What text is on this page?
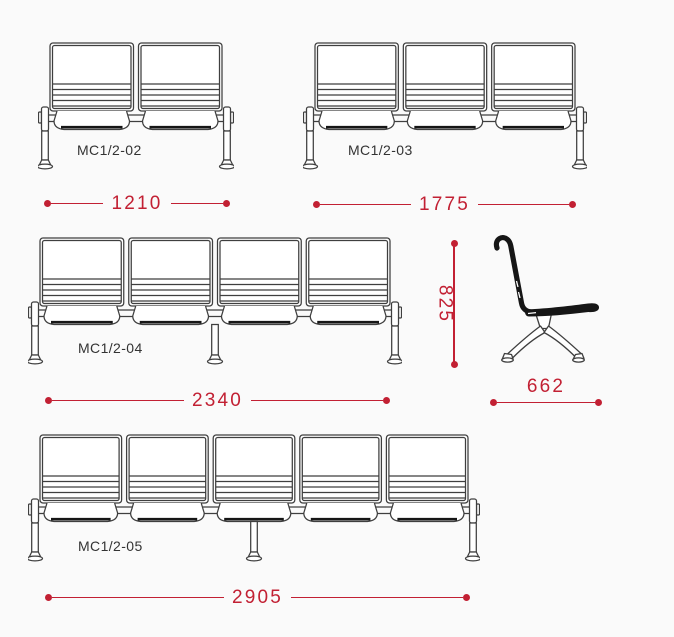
MC1/2-02	MC1/2-03
MC1/2-04
MC1/2-05
1210	1775
2340
2905
825
662
